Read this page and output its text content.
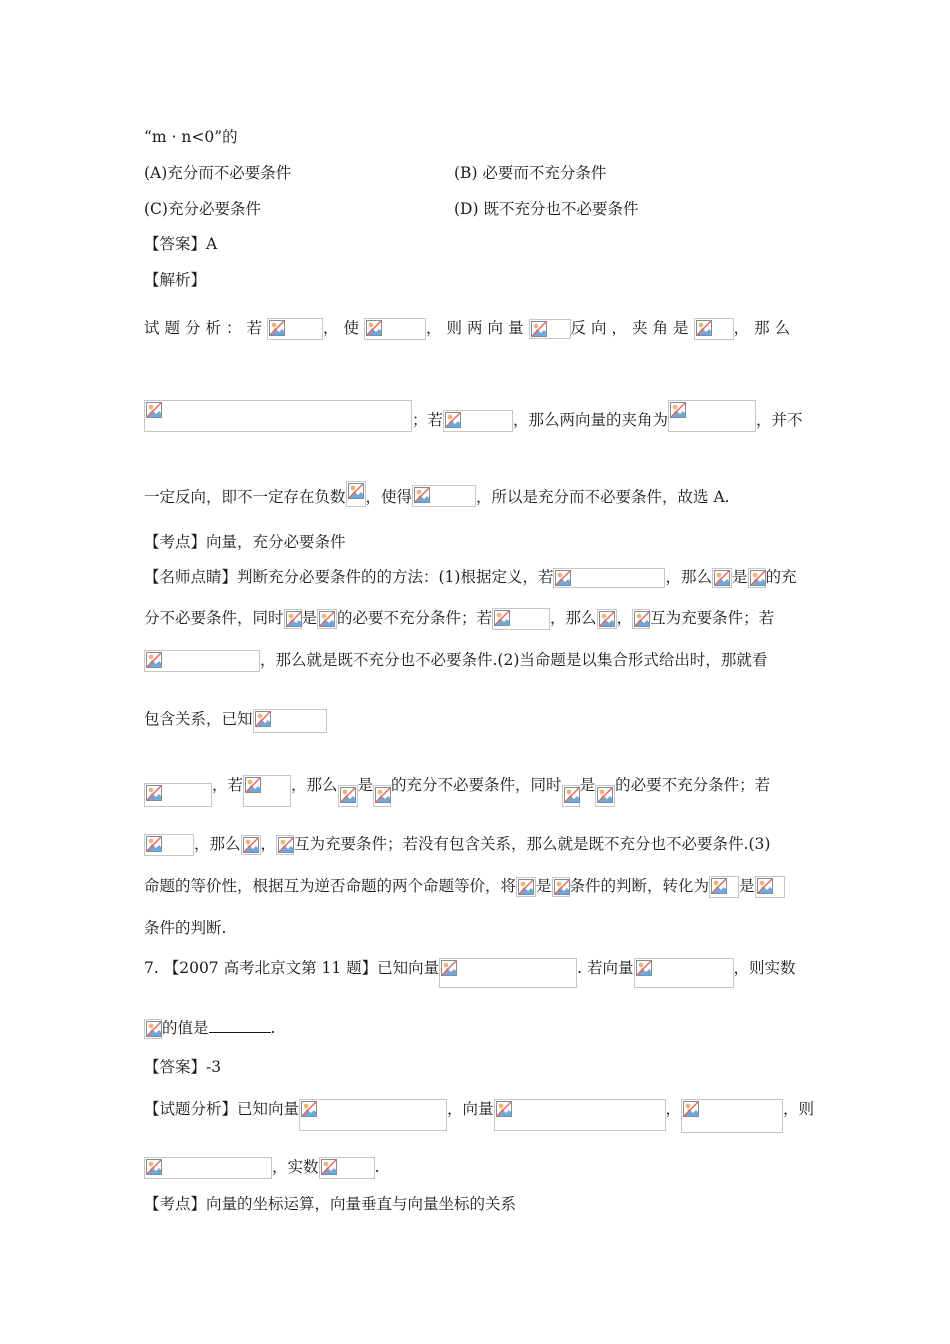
“m · n<0”的
(A)充分而不必要条件	(B) 必要而不充分条件
(C)充分必要条件	(D) 既不充分也不必要条件
【答案】A
【解析】
试题分析：若	，使	，则两向量	反向，夹角是	，那么
；若	，那么两向量的夹角为	，并不
一定反向，即不一定存在负数 ，使得	，所以是充分而不必要条件，故选 A.
【考点】向量，充分必要条件
【名师点睛】判断充分必要条件的的方法：(1)根据定义，若	，那么 是 的充
分不必要条件，同时 是 的必要不充分条件；若	，那么 ， 互为充要条件；若
，那么就是既不充分也不必要条件.(2)当命题是以集合形式给出时，那就看
包含关系，已知
，若	，那么 是 的充分不必要条件，同时 是 的必要不充分条件；若
，那么 ， 互为充要条件；若没有包含关系，那么就是既不充分也不必要条件.(3)
命题的等价性，根据互为逆否命题的两个命题等价，将 是 条件的判断，转化为 是
条件的判断.
7. 【2007 高考北京文第 11 题】已知向量	. 若向量	，则实数
的值是	.
【答案】-3
【试题分析】已知向量	，向量	，	，则
，实数	.
【考点】向量的坐标运算，向量垂直与向量坐标的关系
